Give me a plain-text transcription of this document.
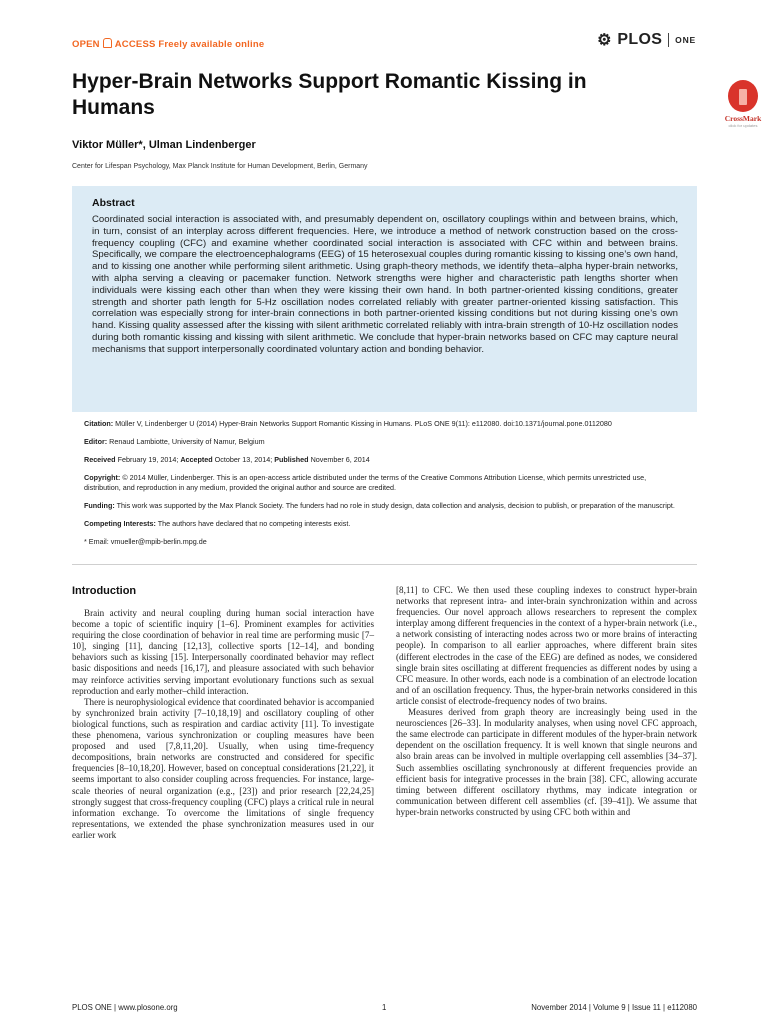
OPEN ACCESS Freely available online	⚙ PLOS ONE
Hyper-Brain Networks Support Romantic Kissing in Humans	CrossMark
click for updates
Viktor Müller*, Ulman Lindenberger
Center for Lifespan Psychology, Max Planck Institute for Human Development, Berlin, Germany
Abstract
Coordinated social interaction is associated with, and presumably dependent on, oscillatory couplings within and between brains, which, in turn, consist of an interplay across different frequencies. Here, we introduce a method of network construction based on the cross-frequency coupling (CFC) and examine whether coordinated social interaction is associated with CFC within and between brains. Specifically, we compare the electroencephalograms (EEG) of 15 heterosexual couples during romantic kissing to kissing one’s own hand, and to kissing one another while performing silent arithmetic. Using graph-theory methods, we identify theta–alpha hyper-brain networks, with alpha serving a cleaving or pacemaker function. Network strengths were higher and characteristic path lengths shorter when individuals were kissing each other than when they were kissing their own hand. In both partner-oriented kissing conditions, greater strength and shorter path length for 5-Hz oscillation nodes correlated reliably with greater partner-oriented kissing satisfaction. This correlation was especially strong for inter-brain connections in both partner-oriented kissing conditions but not during kissing one’s own hand. Kissing quality assessed after the kissing with silent arithmetic correlated reliably with intra-brain strength of 10-Hz oscillation nodes during both romantic kissing and kissing with silent arithmetic. We conclude that hyper-brain networks based on CFC may capture neural mechanisms that support interpersonally coordinated voluntary action and bonding behavior.

Citation: Müller V, Lindenberger U (2014) Hyper-Brain Networks Support Romantic Kissing in Humans. PLoS ONE 9(11): e112080. doi:10.1371/journal.pone.0112080

Editor: Renaud Lambiotte, University of Namur, Belgium

Received February 19, 2014; Accepted October 13, 2014; Published November 6, 2014

Copyright: © 2014 Müller, Lindenberger. This is an open-access article distributed under the terms of the Creative Commons Attribution License, which permits unrestricted use, distribution, and reproduction in any medium, provided the original author and source are credited.

Funding: This work was supported by the Max Planck Society. The funders had no role in study design, data collection and analysis, decision to publish, or preparation of the manuscript.

Competing Interests: The authors have declared that no competing interests exist.

* Email: vmueller@mpib-berlin.mpg.de

Introduction

Brain activity and neural coupling during human social interaction have become a topic of scientific inquiry [1–6]. Prominent examples for activities requiring the close coordination of behavior in real time are performing music [7–10], singing [11], dancing [12,13], collective sports [12–14], and bonding behaviors such as kissing [15]. Interpersonally coordinated behavior may reflect basic dispositions and needs [16,17], and pleasure associated with such behavior may reinforce activities serving important evolutionary functions such as sexual reproduction and early mother–child interaction.

There is neurophysiological evidence that coordinated behavior is accompanied by synchronized brain activity [7–10,18,19] and oscillatory coupling of other biological functions, such as respiration and cardiac activity [11]. To investigate these phenomena, various synchronization or coupling measures have been proposed and used [7,8,11,20]. Usually, when using time-frequency decompositions, brain networks are constructed and considered for specific frequencies [8–10,18,20]. However, based on conceptual considerations [21,22], it seems important to also consider coupling across frequencies. For instance, large-scale theories of neural organization (e.g., [23]) and prior research [22,24,25] strongly suggest that cross-frequency coupling (CFC) plays a critical rule in neural information exchange. To overcome the limitations of single frequency representations, we extended the phase synchronization measures used in our earlier work

[8,11] to CFC. We then used these coupling indexes to construct hyper-brain networks that represent intra- and inter-brain synchronization within and across frequencies. Our novel approach allows researchers to represent the complex interplay among different frequencies in the context of a hyper-brain network (i.e., a network consisting of interacting nodes across two or more brains of interacting people). In comparison to all earlier approaches, where different brain sites (different electrodes in the case of the EEG) are defined as nodes, we considered single brain sites oscillating at different frequencies as different nodes by using a CFC measure. In other words, each node is a combination of an electrode location and of an oscillation frequency. Thus, the hyper-brain networks considered in this article consist of electrode-frequency nodes of two brains.

Measures derived from graph theory are increasingly being used in the neurosciences [26–33]. In modularity analyses, when using novel CFC approach, the same electrode can participate in different modules of the hyper-brain network dependent on the oscillation frequency. It is well known that single neurons and also brain areas can be involved in multiple overlapping cell assemblies [34–37]. Such assemblies oscillating synchronously at different frequencies provide an efficient basis for integrative processes in the brain [38]. CFC, allowing accurate timing between different oscillatory rhythms, may indicate integration or communication between different cell assemblies (cf. [39–41]). We assume that hyper-brain networks constructed by using CFC both within and

PLOS ONE | www.plosone.org	1	November 2014 | Volume 9 | Issue 11 | e112080
